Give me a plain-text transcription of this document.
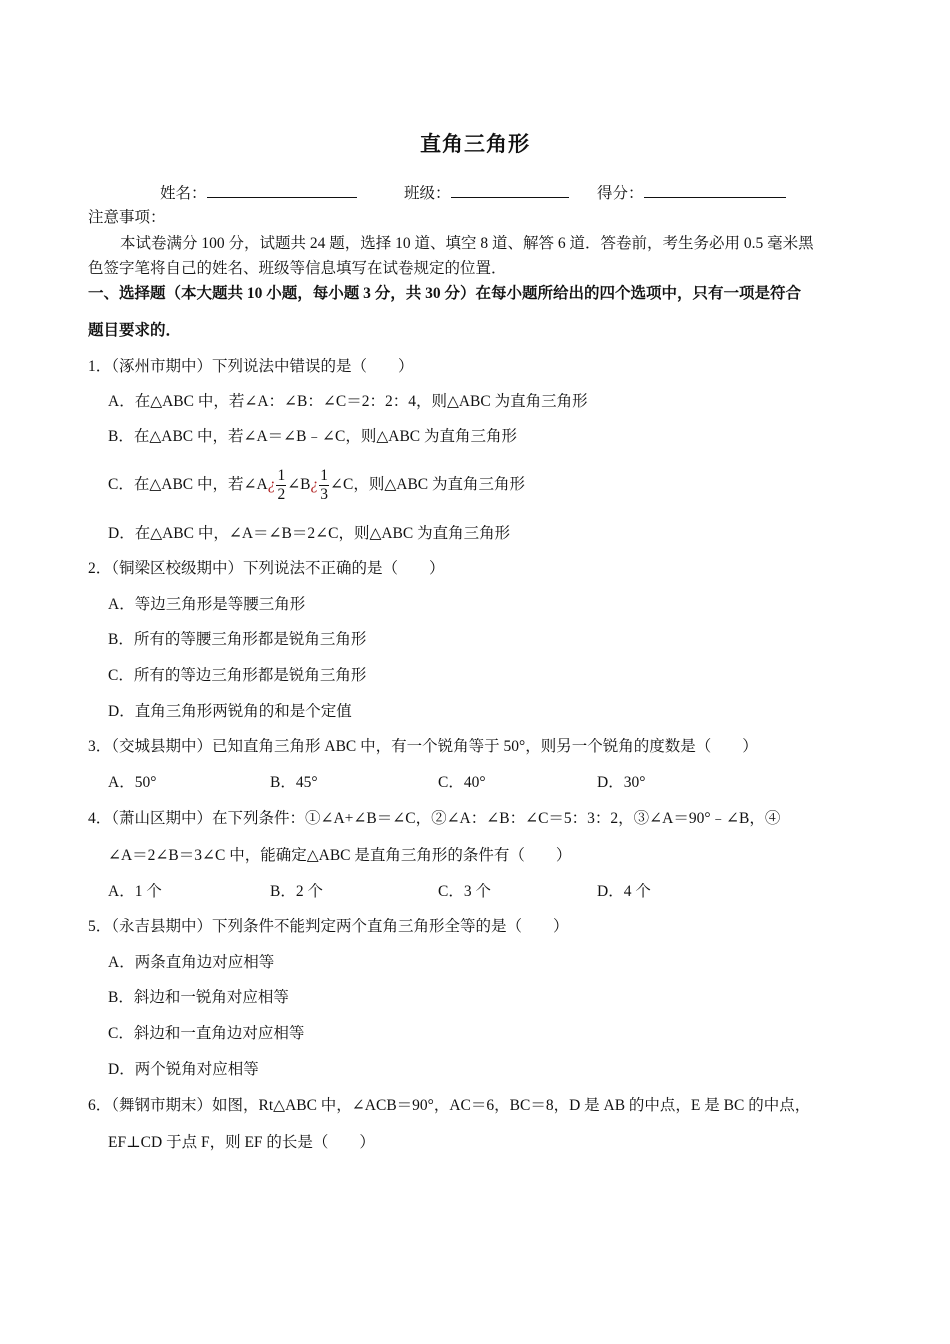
直角三角形
姓名：	班级：	得分：
注意事项：
本试卷满分 100 分，试题共 24 题，选择 10 道、填空 8 道、解答 6 道．答卷前，考生务必用 0.5 毫米黑
色签字笔将自己的姓名、班级等信息填写在试卷规定的位置．
一、选择题（本大题共 10 小题，每小题 3 分，共 30 分）在每小题所给出的四个选项中，只有一项是符合
题目要求的．
1．（涿州市期中）下列说法中错误的是（　　）
A．在△ABC 中，若∠A：∠B：∠C＝2：2：4，则△ABC 为直角三角形
B．在△ABC 中，若∠A＝∠B﹣∠C，则△ABC 为直角三角形
C．在△ABC 中，若∠A¿ $\frac{1}{2}$ ∠B¿ $\frac{1}{3}$ ∠C，则△ABC 为直角三角形
D．在△ABC 中，∠A＝∠B＝2∠C，则△ABC 为直角三角形
2．（铜梁区校级期中）下列说法不正确的是（　　）
A．等边三角形是等腰三角形
B．所有的等腰三角形都是锐角三角形
C．所有的等边三角形都是锐角三角形
D．直角三角形两锐角的和是个定值
3．（交城县期中）已知直角三角形 ABC 中，有一个锐角等于 50°，则另一个锐角的度数是（　　）
A．50°	B．45°	C．40°	D．30°
4．（萧山区期中）在下列条件：①∠A+∠B＝∠C，②∠A：∠B：∠C＝5：3：2，③∠A＝90°﹣∠B，④
∠A＝2∠B＝3∠C 中，能确定△ABC 是直角三角形的条件有（　　）
A．1 个	B．2 个	C．3 个	D．4 个
5．（永吉县期中）下列条件不能判定两个直角三角形全等的是（　　）
A．两条直角边对应相等
B．斜边和一锐角对应相等
C．斜边和一直角边对应相等
D．两个锐角对应相等
6．（舞钢市期末）如图，Rt△ABC 中，∠ACB＝90°，AC＝6，BC＝8，D 是 AB 的中点，E 是 BC 的中点，
EF⊥CD 于点 F，则 EF 的长是（　　）
